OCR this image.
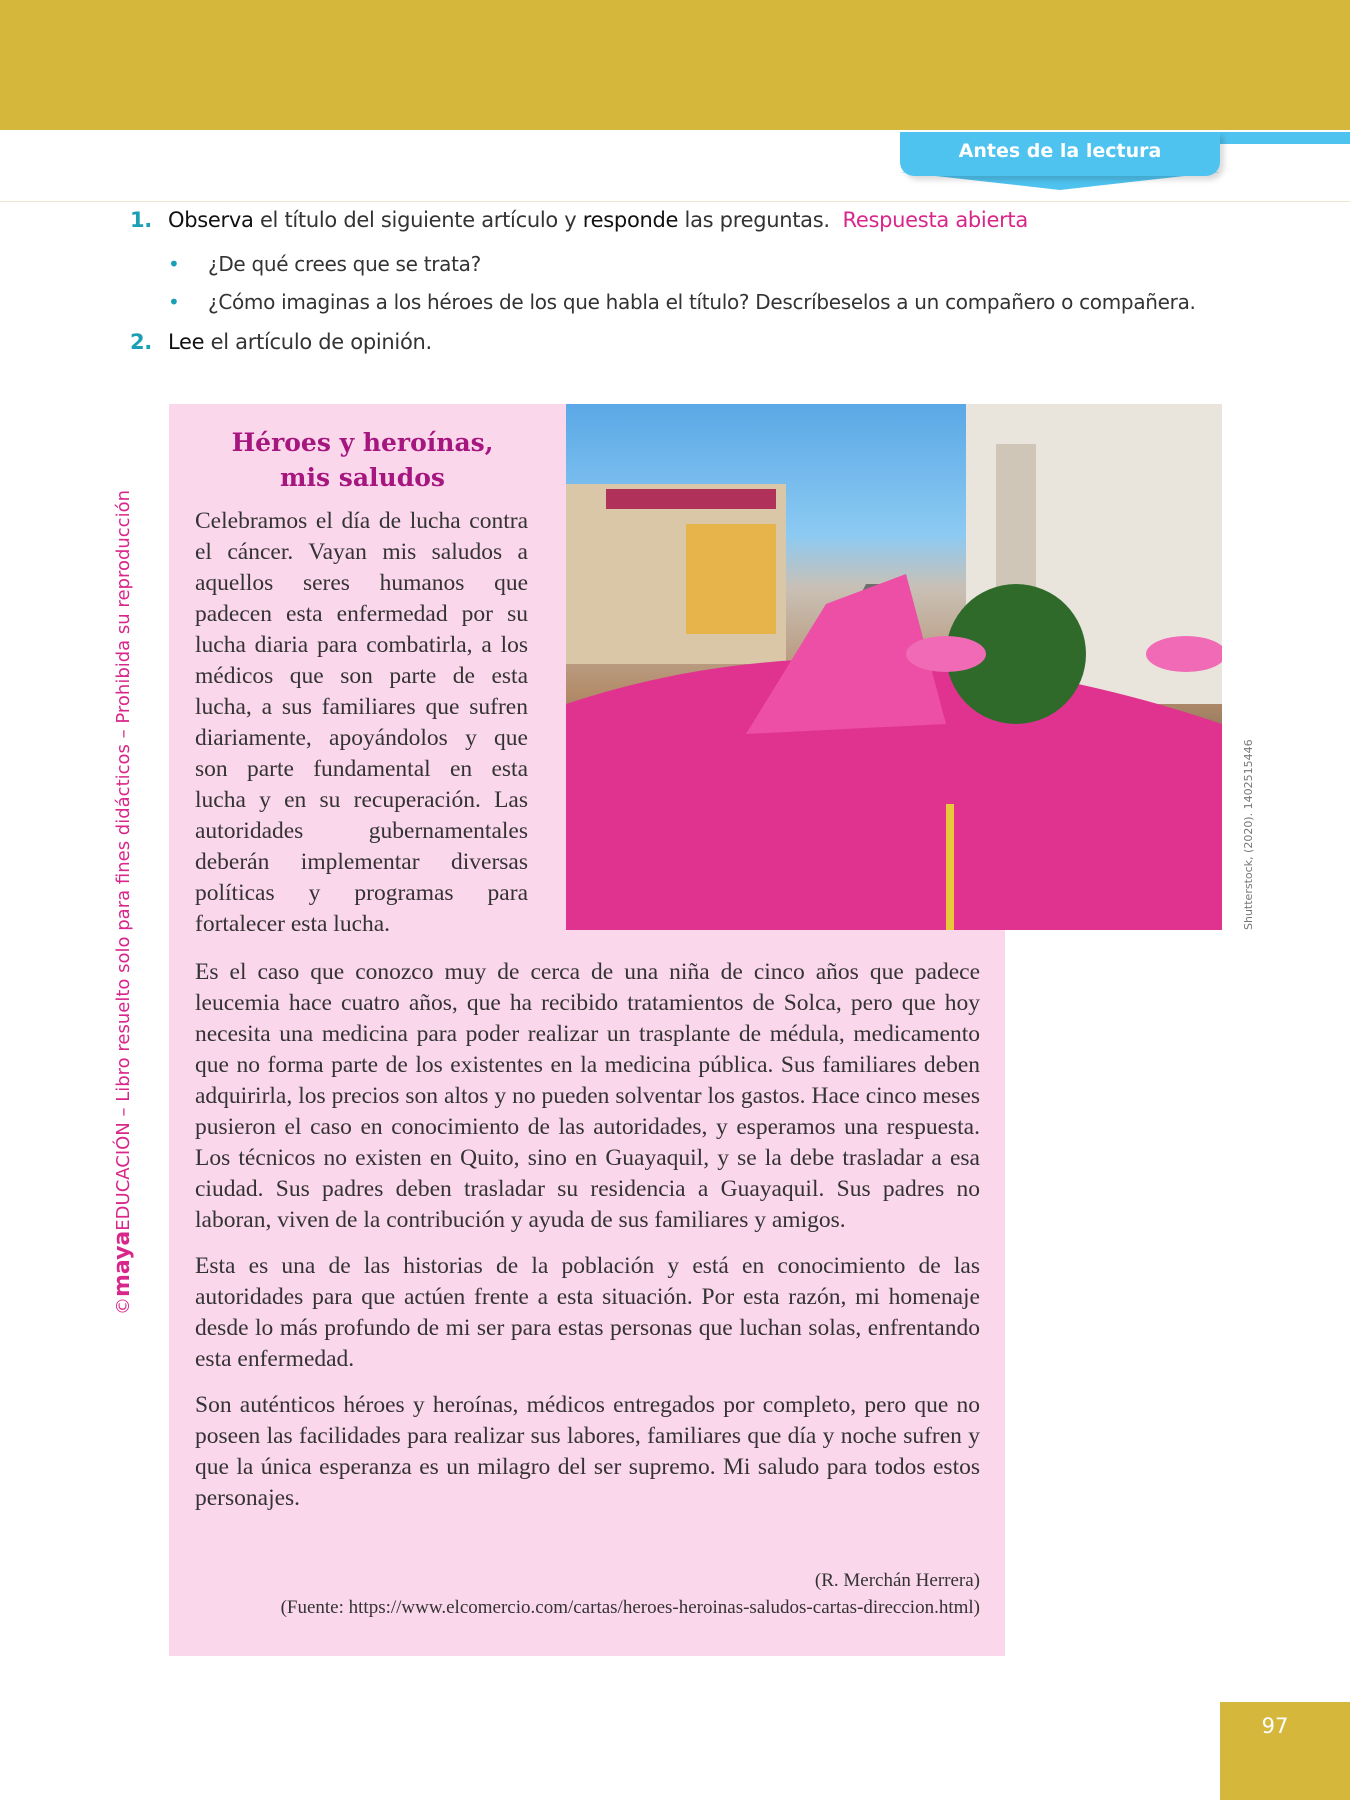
Antes de la lectura
1. Observa el título del siguiente artículo y responde las preguntas. Respuesta abierta
• ¿De qué crees que se trata?
• ¿Cómo imaginas a los héroes de los que habla el título? Descríbeselos a un compañero o compañera.
2. Lee el artículo de opinión.
Shutterstock, (2020). 1402515446
Héroes y heroínas,
mis saludos
Celebramos el día de lucha contra el cáncer. Vayan mis saludos a aquellos seres humanos que padecen esta enfermedad por su lucha diaria para combatirla, a los médicos que son parte de esta lucha, a sus familiares que sufren diariamente, apoyándolos y que son parte fundamental en esta lucha y en su recuperación. Las autoridades gubernamentales deberán implementar diversas políticas y programas para fortalecer esta lucha.

Es el caso que conozco muy de cerca de una niña de cinco años que padece leucemia hace cuatro años, que ha recibido tratamientos de Solca, pero que hoy necesita una medicina para poder realizar un trasplante de médula, medicamento que no forma parte de los existentes en la medicina pública. Sus familiares deben adquirirla, los precios son altos y no pueden solventar los gastos. Hace cinco meses pusieron el caso en conocimiento de las autoridades, y esperamos una respuesta. Los técnicos no existen en Quito, sino en Guayaquil, y se la debe trasladar a esa ciudad. Sus padres deben trasladar su residencia a Guayaquil. Sus padres no laboran, viven de la contribución y ayuda de sus familiares y amigos.

Esta es una de las historias de la población y está en conocimiento de las autoridades para que actúen frente a esta situación. Por esta razón, mi homenaje desde lo más profundo de mi ser para estas personas que luchan solas, enfrentando esta enfermedad.

Son auténticos héroes y heroínas, médicos entregados por completo, pero que no poseen las facilidades para realizar sus labores, familiares que día y noche sufren y que la única esperanza es un milagro del ser supremo. Mi saludo para todos estos personajes.

(R. Merchán Herrera)
(Fuente: https://www.elcomercio.com/cartas/heroes-heroinas-saludos-cartas-direccion.html)
©mayaEDUCACIÓN – Libro resuelto solo para fines didácticos – Prohibida su reproducción
97
